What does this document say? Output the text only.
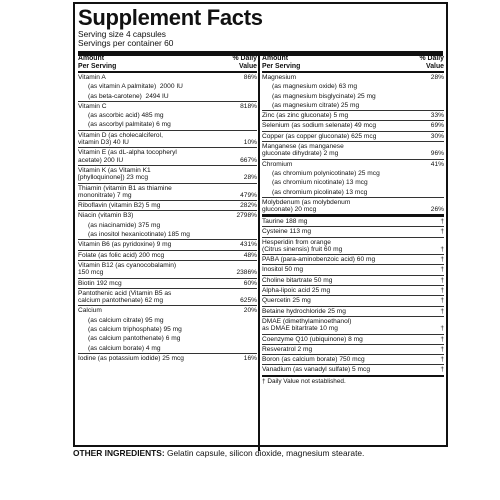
Supplement Facts
Serving size 4 capsules
Servings per container 60
Amount
Per Serving
% Daily
Value
Vitamin A	86%
(as vitamin A palmitate)  2000 IU
(as beta-carotene)  2494 IU
Vitamin C	818%
(as ascorbic acid) 485 mg
(as ascorbyl palmitate) 6 mg
Vitamin D (as cholecalciferol,
vitamin D3) 40 IU	10%
Vitamin E (as dL-alpha tocopheryl
acetate) 200 IU	667%
Vitamin K (as Vitamin K1
[phylloquinone]) 23 mcg	28%
Thiamin (vitamin B1 as thiamine
mononitrate) 7 mg	479%
Riboflavin (vitamin B2) 5 mg	282%
Niacin (vitamin B3)	2798%
(as niacinamide) 375 mg
(as inositol hexanicotinate) 185 mg
Vitamin B6 (as pyridoxine) 9 mg	431%
Folate (as folic acid) 200 mcg	48%
Vitamin B12 (as cyanocobalamin)
150 mcg	2386%
Biotin 192 mcg	60%
Pantothenic acid (Vitamin B5 as
calcium pantothenate) 62 mg	625%
Calcium	20%
(as calcium citrate) 95 mg
(as calcium triphosphate) 95 mg
(as calcium pantothenate) 6 mg
(as calcium borate) 4 mg
Iodine (as potassium iodide) 25 mcg	16%
Amount
Per Serving
% Daily
Value
Magnesium	28%
(as magnesium oxide) 63 mg
(as magnesium bisglycinate) 25 mg
(as magnesium citrate) 25 mg
Zinc (as zinc gluconate) 5 mg	33%
Selenium (as sodium selenate) 49 mcg	69%
Copper (as copper gluconate) 625 mcg	30%
Manganese (as manganese
gluconate dihydrate) 2 mg	96%
Chromium	41%
(as chromium polynicotinate) 25 mcg
(as chromium nicotinate) 13 mcg
(as chromium picolinate) 13 mcg
Molybdenum (as molybdenum
gluconate) 20 mcg	26%
Taurine 188 mg	†
Cysteine 113 mg	†
Hesperidin from orange
(Citrus sinensis) fruit 60 mg	†
PABA (para-aminobenzoic acid) 60 mg	†
Inositol 50 mg	†
Choline bitartrate 50 mg	†
Alpha-lipoic acid 25 mg	†
Quercetin 25 mg	†
Betaine hydrochloride 25 mg	†
DMAE (dimethylaminoethanol)
as DMAE bitartrate 10 mg	†
Coenzyme Q10 (ubiquinone) 8 mg	†
Resveratrol 2 mg	†
Boron (as calcium borate) 750 mcg	†
Vanadium (as vanadyl sulfate) 5 mcg	†
† Daily Value not established.
OTHER INGREDIENTS: Gelatin capsule, silicon dioxide, magnesium stearate.
